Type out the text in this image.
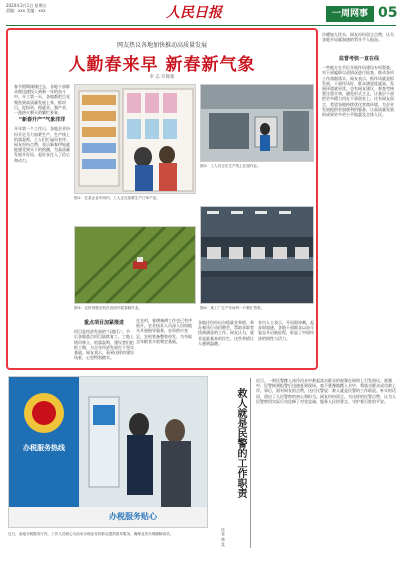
2024年3月1日 星期五
责编：xxx 美编：xxx	人民日报	一周网事 05
网友热议各地加快推动高质量发展
人勤春来早 新春新气象
李 志 许辉新

春节假期刚刚过去，各地干部群众便迅速投入到新一年的奋斗中。开工第一天，各地都把目光聚焦到高质量发展上来，抓项目、促投资、稳就业、强产业，一派热火朝天的繁忙景象。

“新春开产”气象洋洋

开年第一个工作日，各地企业纷纷开足马力加紧生产，生产线上机器轰鸣，工人们忙碌而有序。网友纷纷点赞，表示新春伊始就能感受到实干的热潮，为高质量发展开好局、起好步注入了信心和动力。

图①：在某企业车间内，工人正在加紧生产订单产品。
图②：工人们正在生产线上忙碌作业。
图③：农民驾驶农机在田间开展春耕作业。	图④：某工厂生产车间内一片繁忙景象。
重点项目加紧推进

项目是经济发展的“压舱石”。节后各地重点项目陆续复工，工地上塔吊林立、机器轰鸣，建设者们抢抓工期，为全年经济发展打下坚实基础。网友表示，看到这样的建设场景，心里特别踏实。

在农村，春耕备耕工作也已有序展开。农业技术人员深入田间地头开展指导服务，农资供应充足，农机装备整装待发，为夺取全年粮食丰收奠定基础。

各地还纷纷出台稳就业举措，举办春风行动招聘会，帮助求职者找到满意的工作。网友认为，就业是最基本的民生，这些举措让人感到温暖。

业内人士表示，开局即冲刺，起步即加速，各地干部群众以奋斗姿态开启新征程，彰显了中国经济的韧性与活力。

冷暖如人饮水，网友纷纷留言点赞，认为各地开局就加速的势头令人振奋。

监督考核一直在线

一些地方在节后开展作风建设专项督查，对干部履职尽责情况进行检查，推动各项工作落细落实。网友表示，抓作风就是抓发展，干部作风好，群众满意度就高，发展环境就更优。也有网友建议，督查考核要注重实效，避免形式主义，让基层干部把更多精力用在干事创业上。还有网友留言，希望各地持续优化营商环境，为企业发展提供更加便利的服务，让高质量发展的成果更多更公平地惠及全体人民。

办税服务热线
办税服务贴心
近日，某地办税服务厅内，工作人员耐心为前来办理业务的群众提供指导服务，确保业务办理顺畅高效。
救人就是民警的工作职责
作者 林 某
近日，一则民警跳入冰冷河水中救起落水群众的视频在网络上引发热议。视频中，民警接到报警后迅速赶到现场，毫不犹豫地跳入水中，将落水群众成功救上岸。事后，面对网友的点赞，这位民警说：救人就是民警的工作职责。朴实的话语，道出了人民警察的初心和担当。网友纷纷留言，为这样的民警点赞，认为人民警察用实际行动诠释了对党忠诚、服务人民的誓言，守护着百姓的平安。
